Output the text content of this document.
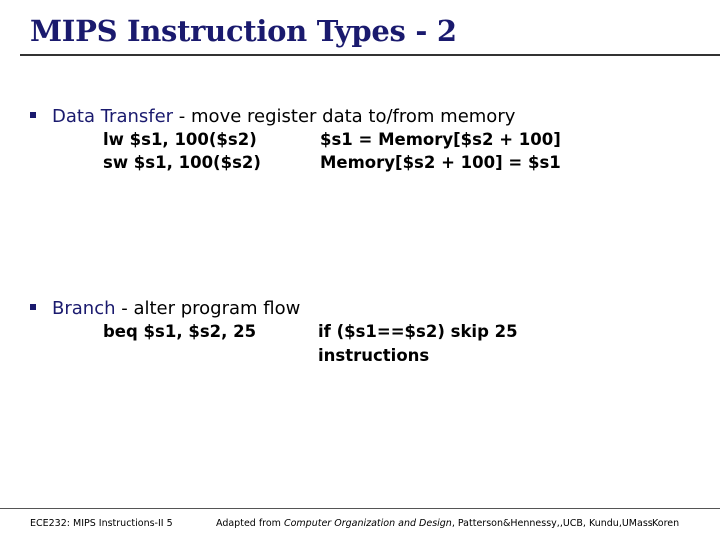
MIPS Instruction Types - 2
Data Transfer - move register data to/from memory
lw $s1, 100($s2)	$s1 = Memory[$s2 + 100]
sw $s1, 100($s2)	Memory[$s2 + 100] = $s1
Branch - alter program flow
beq $s1, $s2, 25	if ($s1==$s2) skip 25
instructions
ECE232: MIPS Instructions-II 5	Adapted from Computer Organization and Design, Patterson&Hennessy,,UCB, Kundu,UMass Koren
